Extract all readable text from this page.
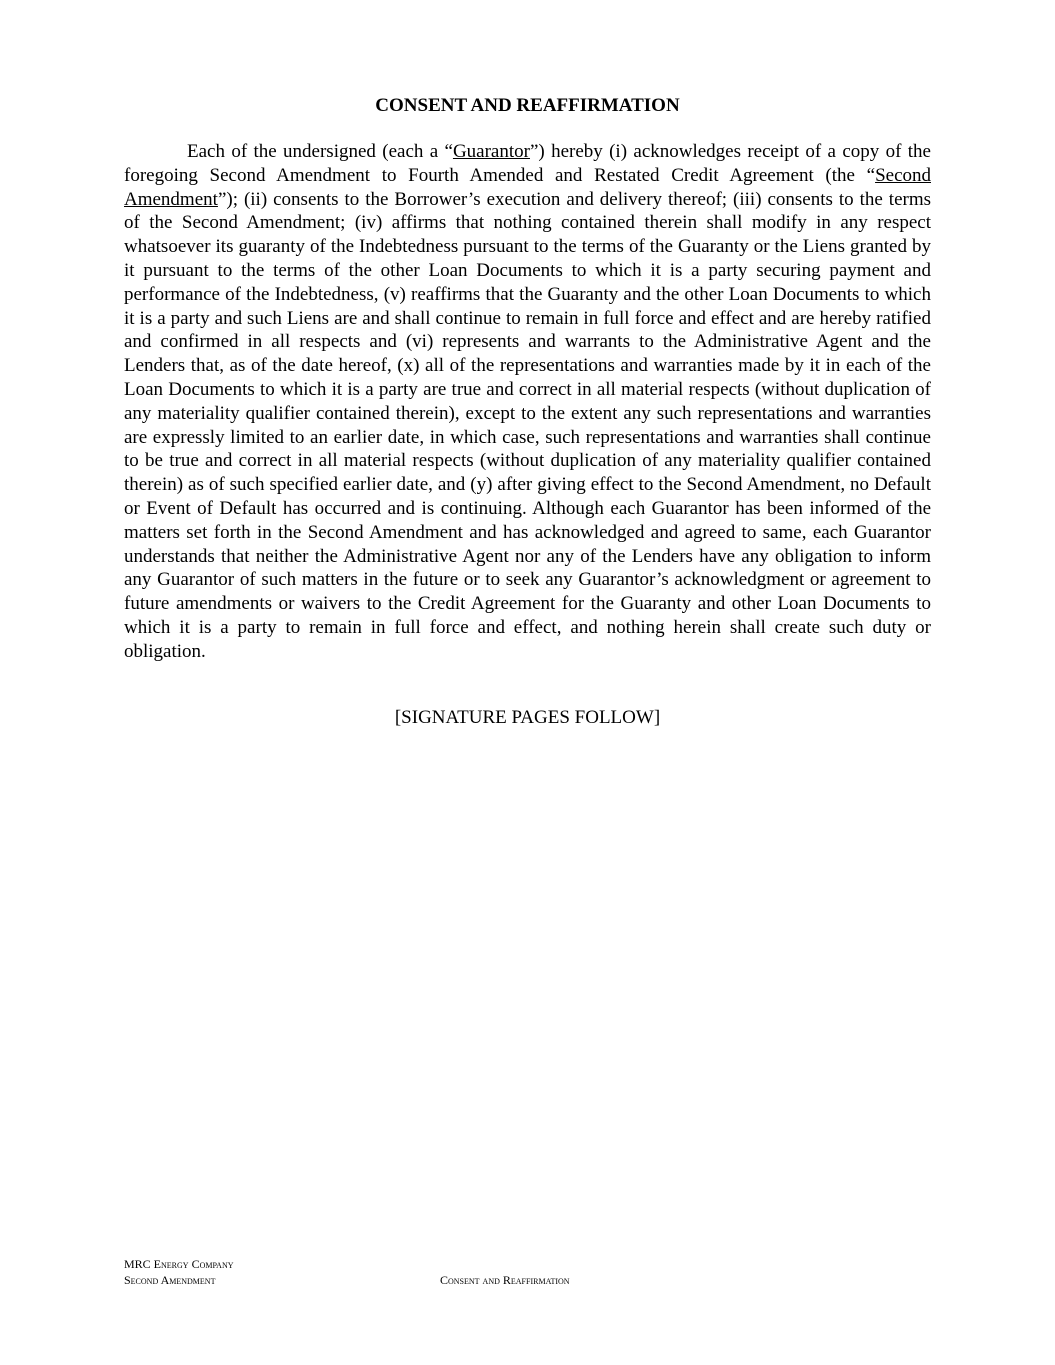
CONSENT AND REAFFIRMATION

Each of the undersigned (each a “Guarantor”) hereby (i) acknowledges receipt of a copy of the foregoing Second Amendment to Fourth Amended and Restated Credit Agreement (the “Second Amendment”); (ii) consents to the Borrower’s execution and delivery thereof; (iii) consents to the terms of the Second Amendment; (iv) affirms that nothing contained therein shall modify in any respect whatsoever its guaranty of the Indebtedness pursuant to the terms of the Guaranty or the Liens granted by it pursuant to the terms of the other Loan Documents to which it is a party securing payment and performance of the Indebtedness, (v) reaffirms that the Guaranty and the other Loan Documents to which it is a party and such Liens are and shall continue to remain in full force and effect and are hereby ratified and confirmed in all respects and (vi) represents and warrants to the Administrative Agent and the Lenders that, as of the date hereof, (x) all of the representations and warranties made by it in each of the Loan Documents to which it is a party are true and correct in all material respects (without duplication of any materiality qualifier contained therein), except to the extent any such representations and warranties are expressly limited to an earlier date, in which case, such representations and warranties shall continue to be true and correct in all material respects (without duplication of any materiality qualifier contained therein) as of such specified earlier date, and (y) after giving effect to the Second Amendment, no Default or Event of Default has occurred and is continuing. Although each Guarantor has been informed of the matters set forth in the Second Amendment and has acknowledged and agreed to same, each Guarantor understands that neither the Administrative Agent nor any of the Lenders have any obligation to inform any Guarantor of such matters in the future or to seek any Guarantor’s acknowledgment or agreement to future amendments or waivers to the Credit Agreement for the Guaranty and other Loan Documents to which it is a party to remain in full force and effect, and nothing herein shall create such duty or obligation.

[SIGNATURE PAGES FOLLOW]

MRC Energy Company
Second Amendment	Consent and Reaffirmation
